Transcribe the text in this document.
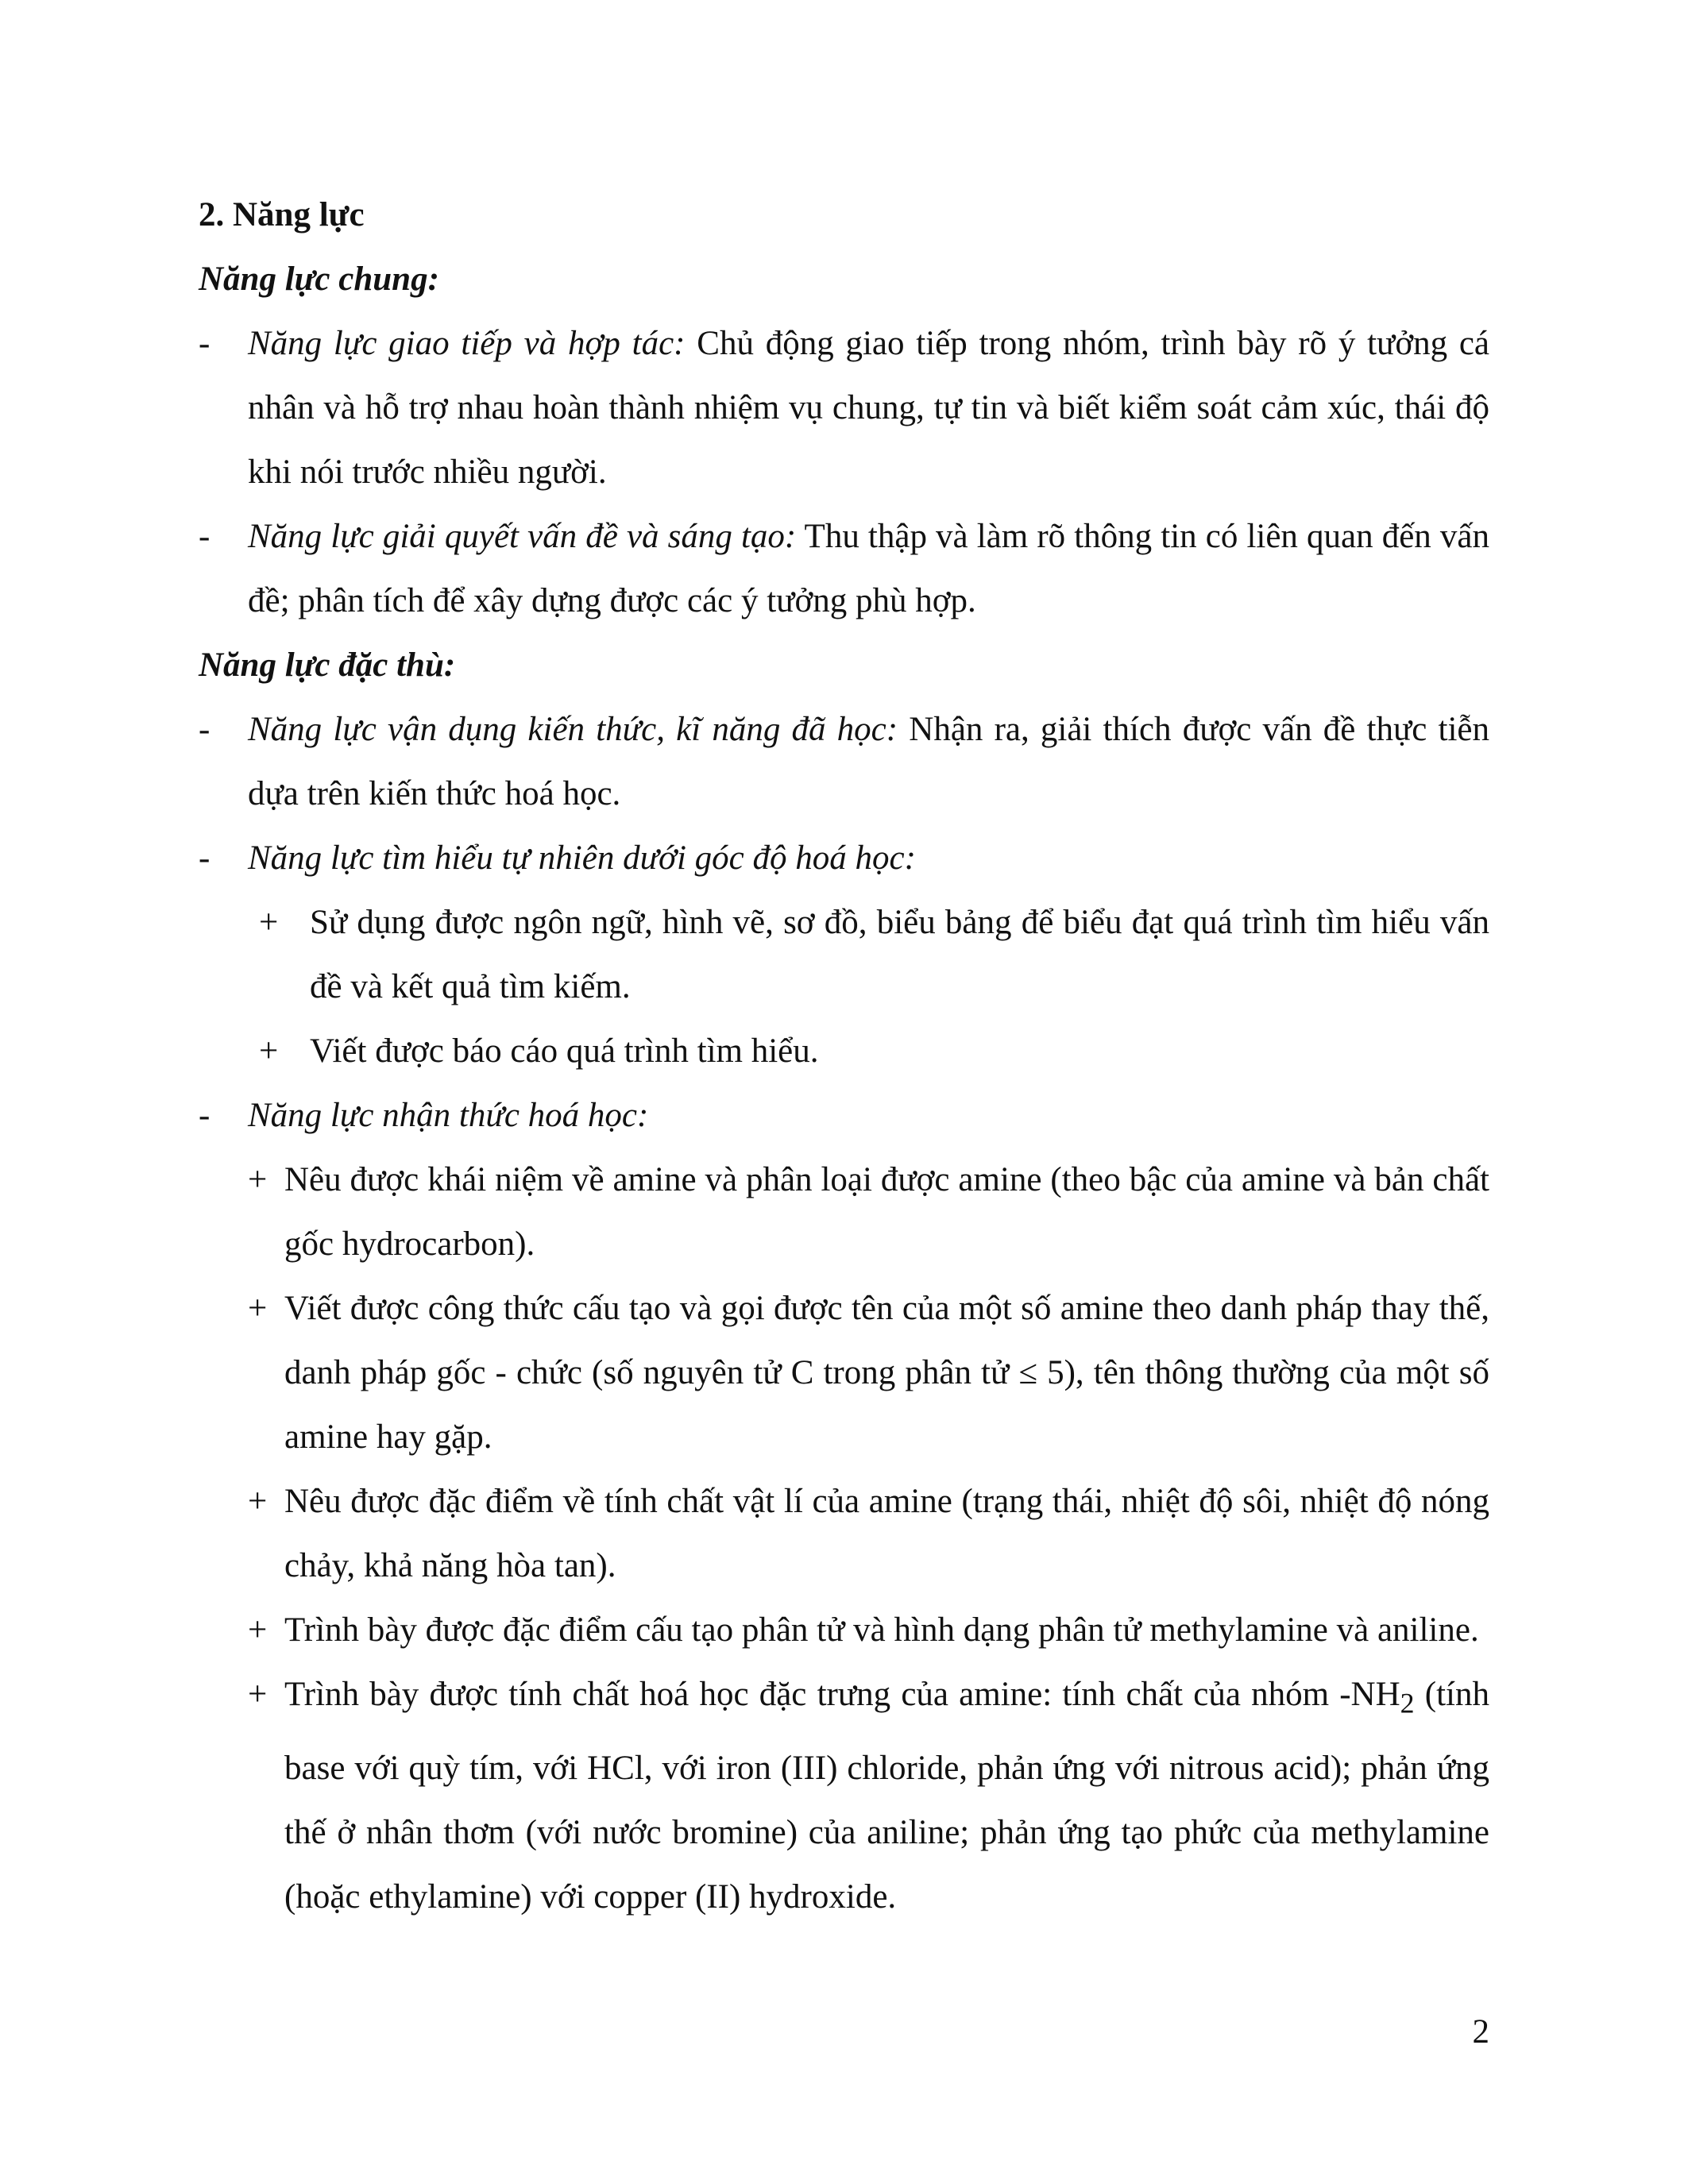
2. Năng lực

Năng lực chung:

- Năng lực giao tiếp và hợp tác: Chủ động giao tiếp trong nhóm, trình bày rõ ý tưởng cá nhân và hỗ trợ nhau hoàn thành nhiệm vụ chung, tự tin và biết kiểm soát cảm xúc, thái độ khi nói trước nhiều người.

- Năng lực giải quyết vấn đề và sáng tạo: Thu thập và làm rõ thông tin có liên quan đến vấn đề; phân tích để xây dựng được các ý tưởng phù hợp.

Năng lực đặc thù:

- Năng lực vận dụng kiến thức, kĩ năng đã học: Nhận ra, giải thích được vấn đề thực tiễn dựa trên kiến thức hoá học.

- Năng lực tìm hiểu tự nhiên dưới góc độ hoá học:

+ Sử dụng được ngôn ngữ, hình vẽ, sơ đồ, biểu bảng để biểu đạt quá trình tìm hiểu vấn đề và kết quả tìm kiếm.

+ Viết được báo cáo quá trình tìm hiểu.

- Năng lực nhận thức hoá học:

+ Nêu được khái niệm về amine và phân loại được amine (theo bậc của amine và bản chất gốc hydrocarbon).

+ Viết được công thức cấu tạo và gọi được tên của một số amine theo danh pháp thay thế, danh pháp gốc - chức (số nguyên tử C trong phân tử ≤ 5), tên thông thường của một số amine hay gặp.

+ Nêu được đặc điểm về tính chất vật lí của amine (trạng thái, nhiệt độ sôi, nhiệt độ nóng chảy, khả năng hòa tan).

+ Trình bày được đặc điểm cấu tạo phân tử và hình dạng phân tử methylamine và aniline.

+ Trình bày được tính chất hoá học đặc trưng của amine: tính chất của nhóm $-NH_2$ (tính base với quỳ tím, với HCl, với iron (III) chloride, phản ứng với nitrous acid); phản ứng thế ở nhân thơm (với nước bromine) của aniline; phản ứng tạo phức của methylamine (hoặc ethylamine) với copper (II) hydroxide.

2
